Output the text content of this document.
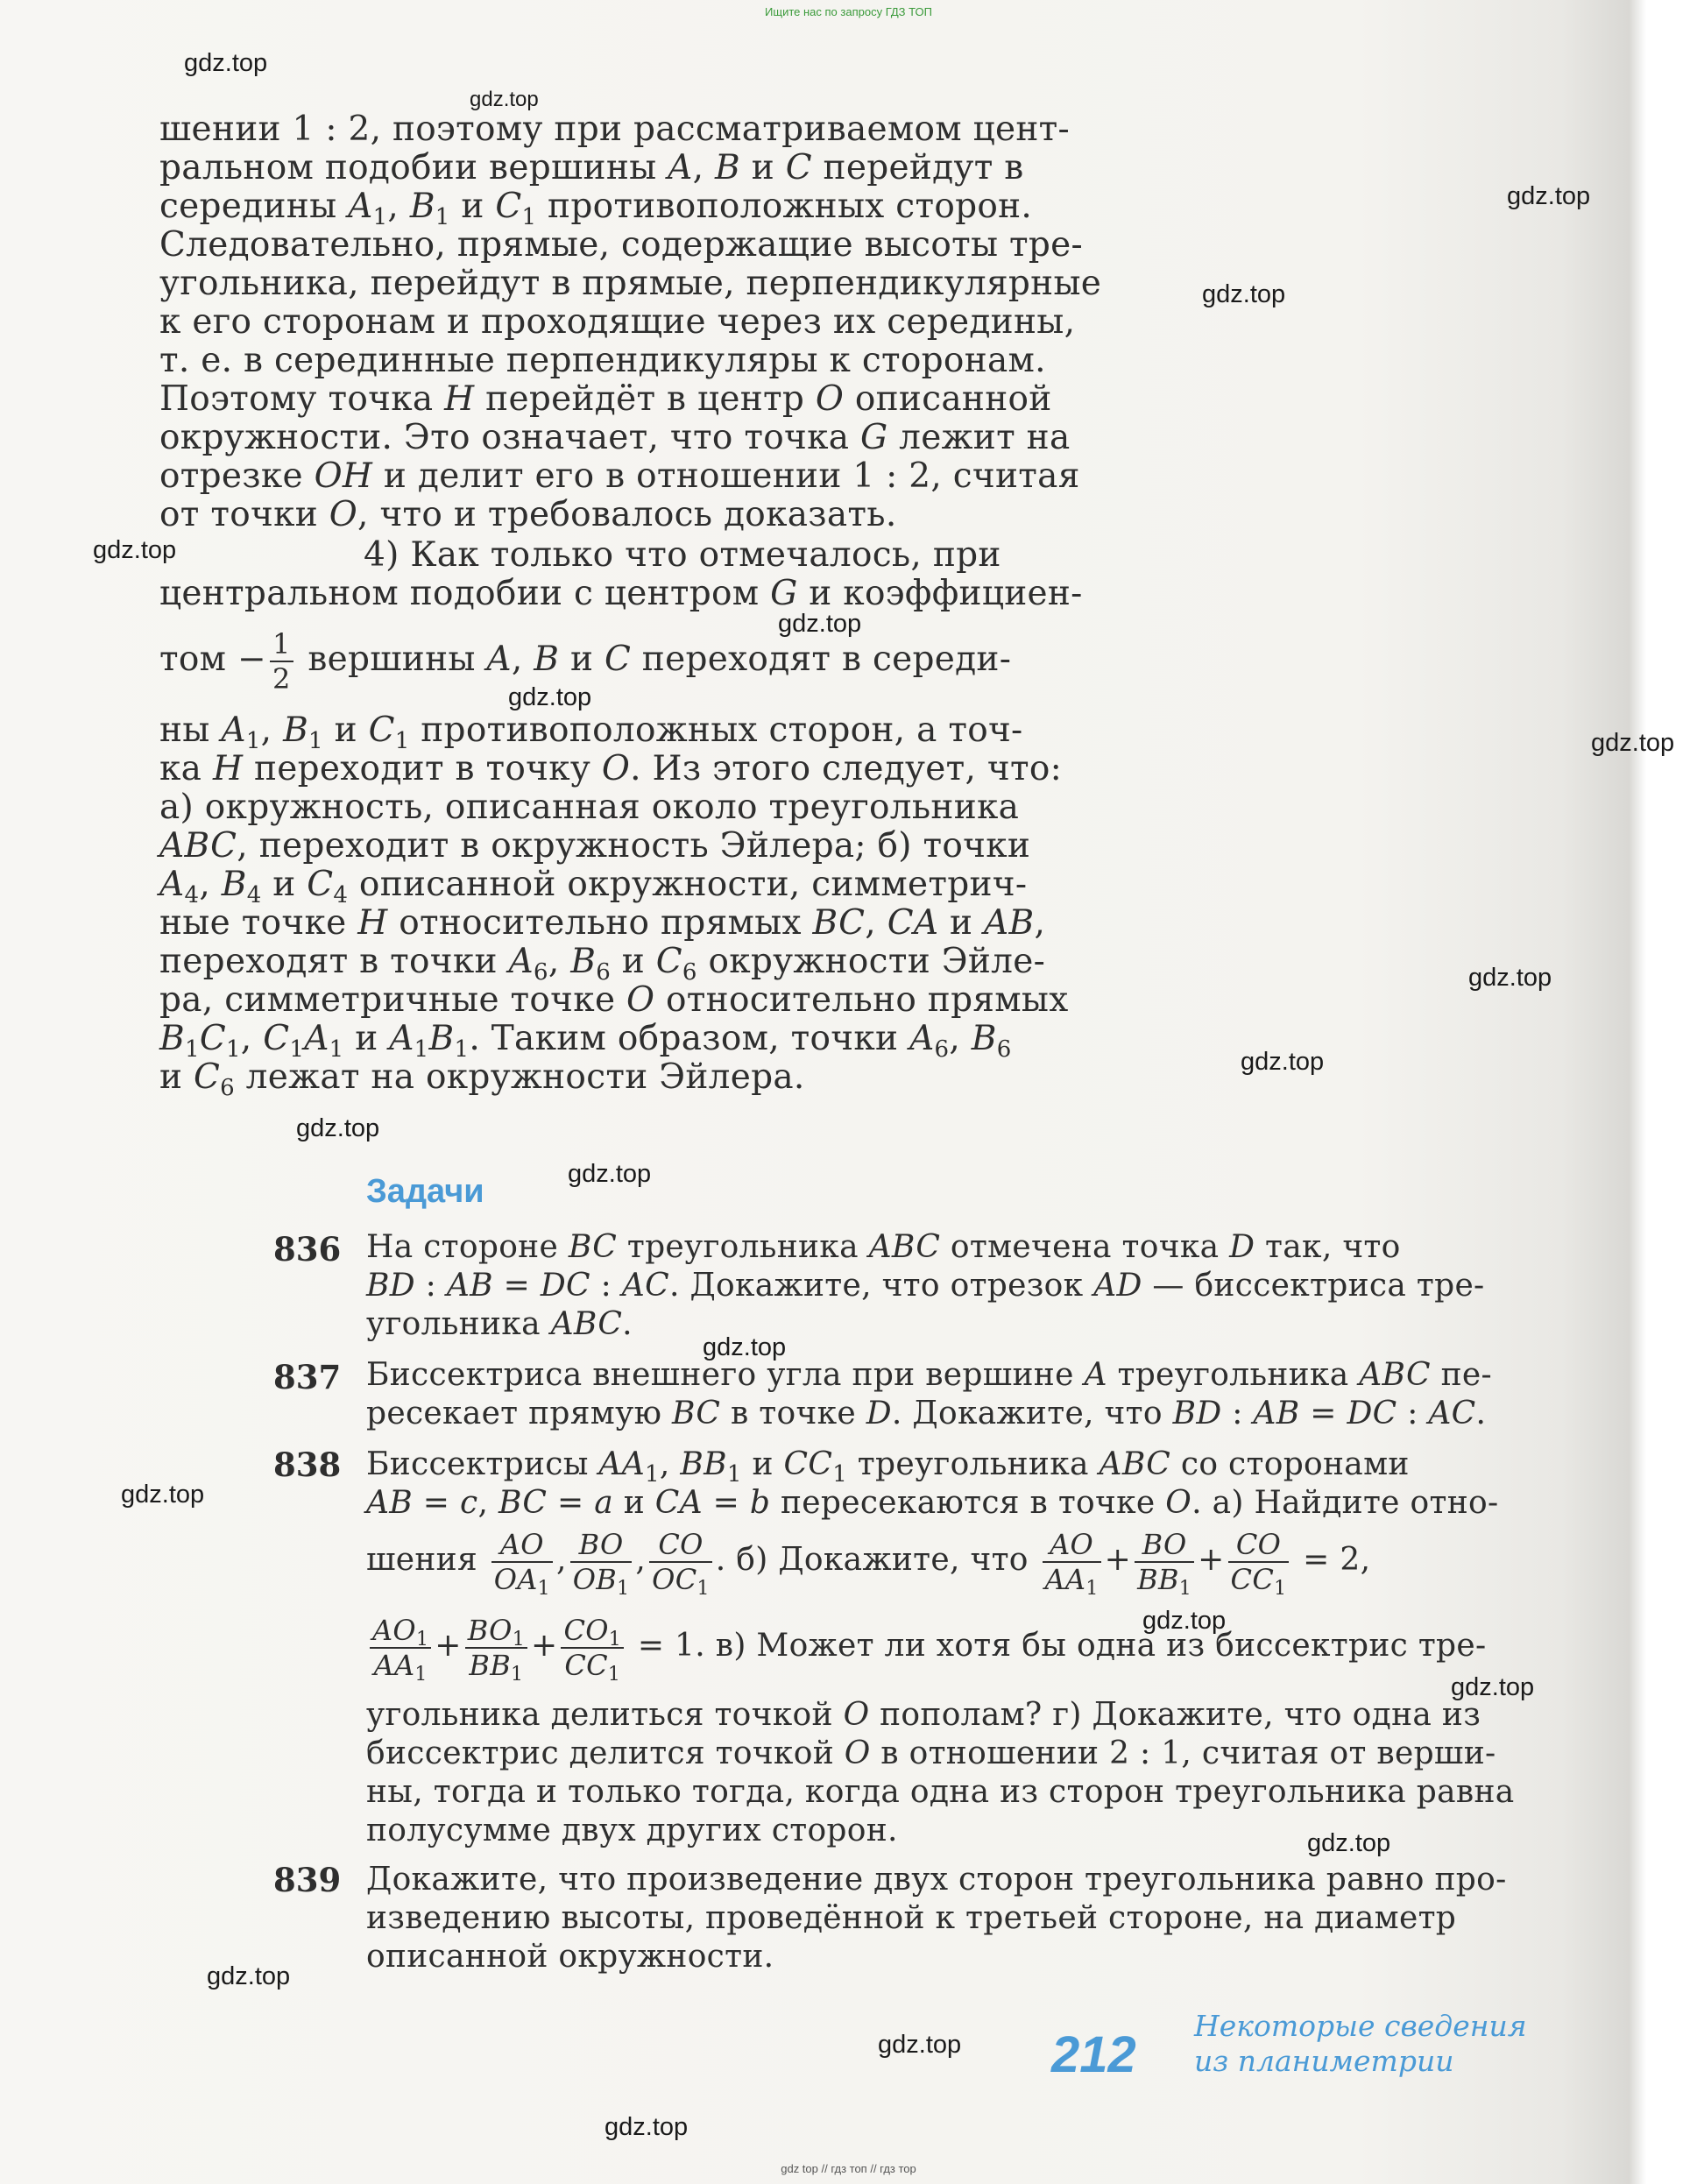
Ищите нас по запросу ГДЗ ТОП
шении 1 : 2, поэтому при рассматриваемом цент-
ральном подобии вершины A, B и C перейдут в
середины $A_1$, $B_1$ и $C_1$ противоположных сторон.
Следовательно, прямые, содержащие высоты тре-
угольника, перейдут в прямые, перпендикулярные
к его сторонам и проходящие через их середины,
т. е. в серединные перпендикуляры к сторонам.
Поэтому точка H перейдёт в центр O описанной
окружности. Это означает, что точка G лежит на
отрезке OH и делит его в отношении 1 : 2, считая
от точки O, что и требовалось доказать.
4) Как только что отмечалось, при
центральном подобии с центром G и коэффициен-
том − $\frac{1}{2}$ вершины A, B и C переходят в середи-
ны $A_1$, $B_1$ и $C_1$ противоположных сторон, а точ-
ка H переходит в точку O. Из этого следует, что:
а) окружность, описанная около треугольника
ABC, переходит в окружность Эйлера; б) точки
$A_4$, $B_4$ и $C_4$ описанной окружности, симметрич-
ные точке H относительно прямых BC, CA и AB,
переходят в точки $A_6$, $B_6$ и $C_6$ окружности Эйле-
ра, симметричные точке O относительно прямых
$B_1C_1$, $C_1A_1$ и $A_1B_1$. Таким образом, точки $A_6$, $B_6$
и $C_6$ лежат на окружности Эйлера.
Задачи
836 На стороне BC треугольника ABC отмечена точка D так, что
BD : AB = DC : AC. Докажите, что отрезок AD — биссектриса тре-
угольника ABC.
837 Биссектриса внешнего угла при вершине A треугольника ABC пе-
ресекает прямую BC в точке D. Докажите, что BD : AB = DC : AC.
838 Биссектрисы $AA_1$, $BB_1$ и $CC_1$ треугольника ABC со сторонами
AB = c, BC = a и CA = b пересекаются в точке O. а) Найдите отно-
шения $\frac{AO}{OA_1}$ , $\frac{BO}{OB_1}$ , $\frac{CO}{OC_1}$ . б) Докажите, что $\frac{AO}{AA_1} + \frac{BO}{BB_1} + \frac{CO}{CC_1} = 2$,
$\frac{AO_1}{AA_1} + \frac{BO_1}{BB_1} + \frac{CO_1}{CC_1} = 1$. в) Может ли хотя бы одна из биссектрис тре-
угольника делиться точкой O пополам? г) Докажите, что одна из
биссектрис делится точкой O в отношении 2 : 1, считая от верши-
ны, тогда и только тогда, когда одна из сторон треугольника равна
полусумме двух других сторон.
839 Докажите, что произведение двух сторон треугольника равно про-
изведению высоты, проведённой к третьей стороне, на диаметр
описанной окружности.
212
Некоторые сведения
из планиметрии
gdz.top
gdz.top
gdz.top
gdz.top
gdz.top
gdz.top
gdz.top
gdz.top
gdz.top
gdz.top
gdz.top
gdz.top
gdz.top
gdz.top
gdz.top
gdz.top
gdz.top
gdz.top
gdz.top
gdz.top
gdz top // гдз топ // гдз тор
